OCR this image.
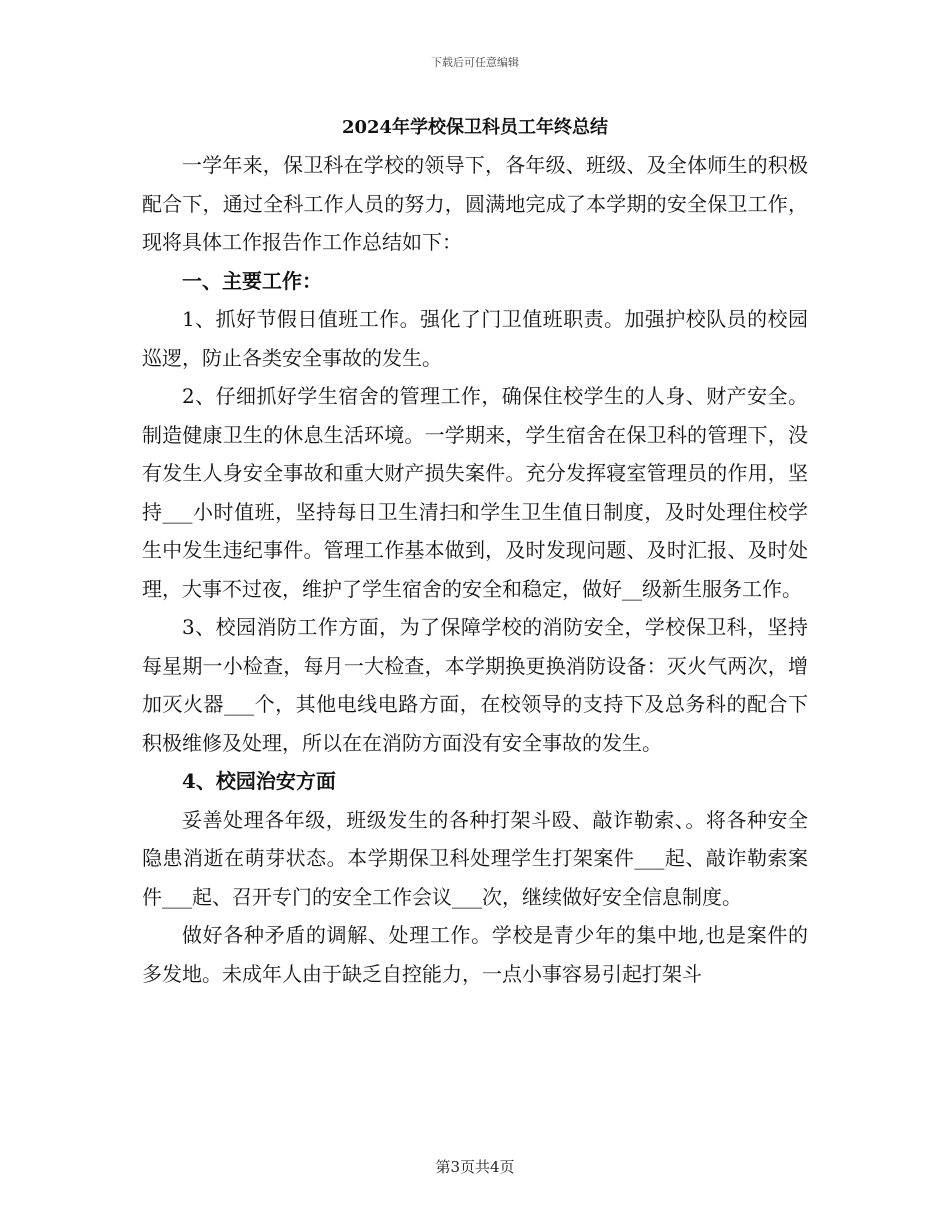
下载后可任意编辑
2024年学校保卫科员工年终总结

一学年来，保卫科在学校的领导下，各年级、班级、及全体师生的积极配合下，通过全科工作人员的努力，圆满地完成了本学期的安全保卫工作，现将具体工作报告作工作总结如下：

一、主要工作：

1、抓好节假日值班工作。强化了门卫值班职责。加强护校队员的校园巡逻，防止各类安全事故的发生。

2、仔细抓好学生宿舍的管理工作，确保住校学生的人身、财产安全。制造健康卫生的休息生活环境。一学期来，学生宿舍在保卫科的管理下，没有发生人身安全事故和重大财产损失案件。充分发挥寝室管理员的作用，坚持___小时值班，坚持每日卫生清扫和学生卫生值日制度，及时处理住校学生中发生违纪事件。管理工作基本做到，及时发现问题、及时汇报、及时处理，大事不过夜，维护了学生宿舍的安全和稳定，做好__级新生服务工作。

3、校园消防工作方面，为了保障学校的消防安全，学校保卫科，坚持每星期一小检查，每月一大检查，本学期换更换消防设备：灭火气两次，增加灭火器___个，其他电线电路方面，在校领导的支持下及总务科的配合下积极维修及处理，所以在在消防方面没有安全事故的发生。

4、校园治安方面

妥善处理各年级，班级发生的各种打架斗殴、敲诈勒索、。将各种安全隐患消逝在萌芽状态。本学期保卫科处理学生打架案件___起、敲诈勒索案件___起、召开专门的安全工作会议___次，继续做好安全信息制度。

做好各种矛盾的调解、处理工作。学校是青少年的集中地,也是案件的多发地。未成年人由于缺乏自控能力，一点小事容易引起打架斗

第3页共4页
